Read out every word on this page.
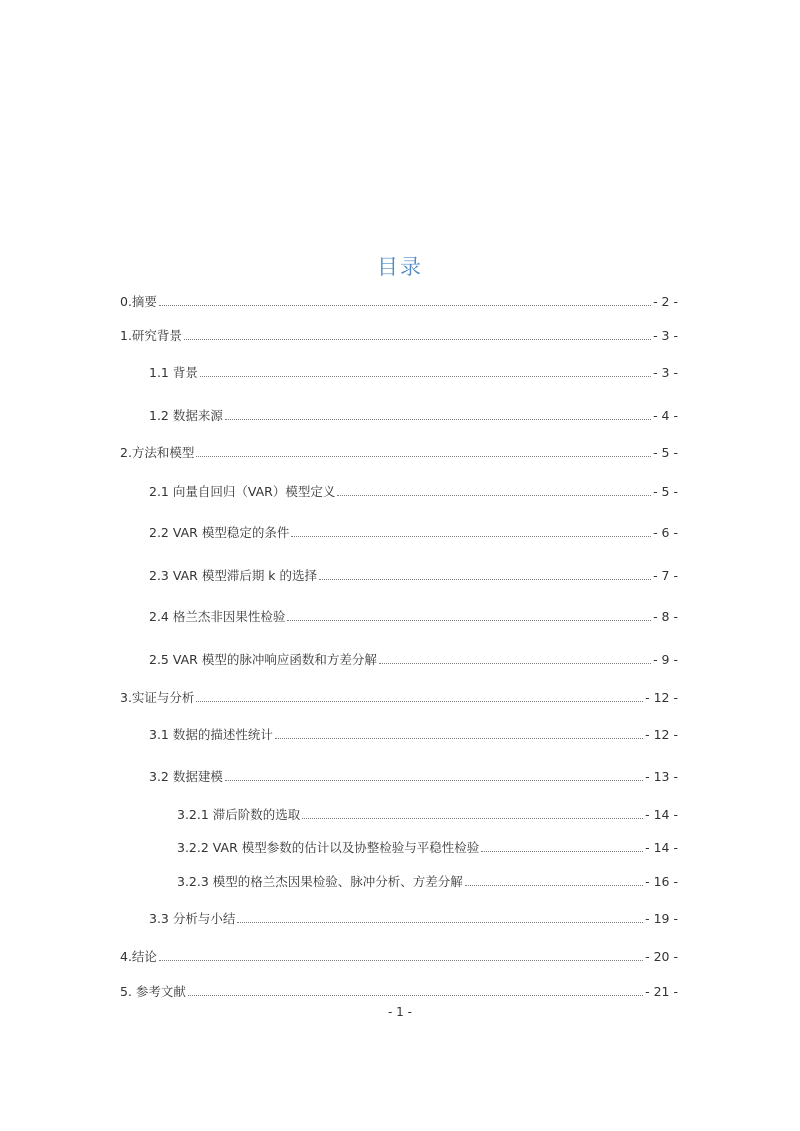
目录
0.摘要	- 2 -
1.研究背景	- 3 -
1.1 背景	- 3 -
1.2 数据来源	- 4 -
2.方法和模型	- 5 -
2.1 向量自回归（VAR）模型定义	- 5 -
2.2 VAR 模型稳定的条件	- 6 -
2.3 VAR 模型滞后期 k 的选择	- 7 -
2.4 格兰杰非因果性检验	- 8 -
2.5 VAR 模型的脉冲响应函数和方差分解	- 9 -
3.实证与分析	- 12 -
3.1 数据的描述性统计	- 12 -
3.2 数据建模	- 13 -
3.2.1 滞后阶数的选取	- 14 -
3.2.2 VAR 模型参数的估计以及协整检验与平稳性检验	- 14 -
3.2.3 模型的格兰杰因果检验、脉冲分析、方差分解	- 16 -
3.3 分析与小结	- 19 -
4.结论	- 20 -
5. 参考文献	- 21 -
- 1 -
